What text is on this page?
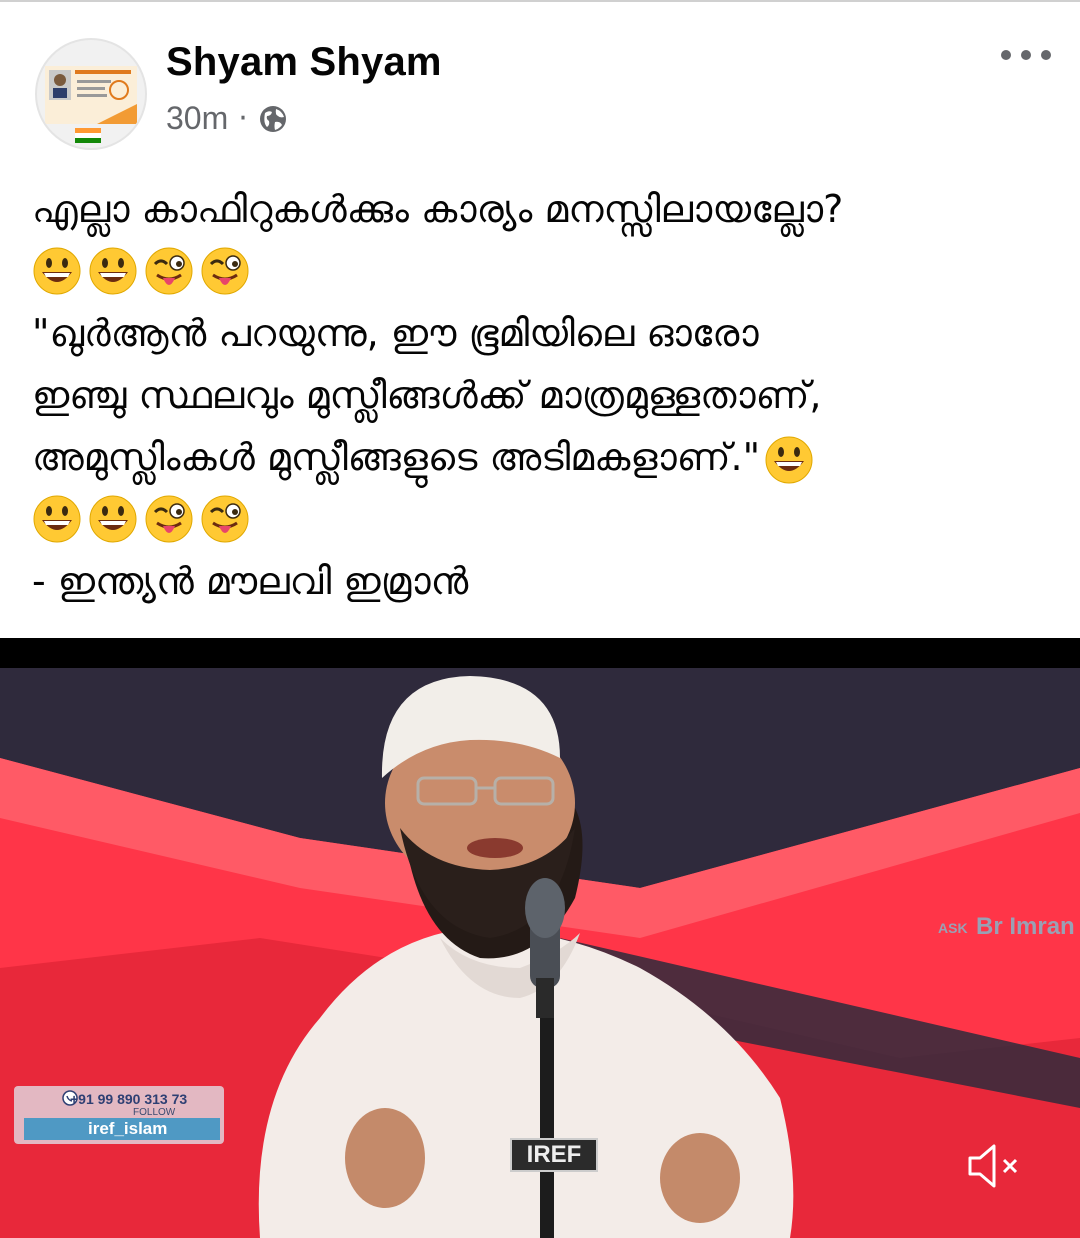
Shyam Shyam
30m ·

എല്ലാ കാഫിറുകൾക്കും കാര്യം മനസ്സിലായല്ലോ?

"ഖുർആൻ പറയുന്നു, ഈ ഭൂമിയിലെ ഓരോ

ഇഞ്ചു സ്ഥലവും മുസ്ലീങ്ങൾക്ക് മാത്രമുള്ളതാണ്,

അമുസ്ലിംകൾ മുസ്ലീങ്ങളുടെ അടിമകളാണ്."

- ഇന്ത്യൻ മൗലവി ഇമ്രാൻ

ASK Br Imran
+91 99 890 313 73
FOLLOW
iref_islam
IREF
